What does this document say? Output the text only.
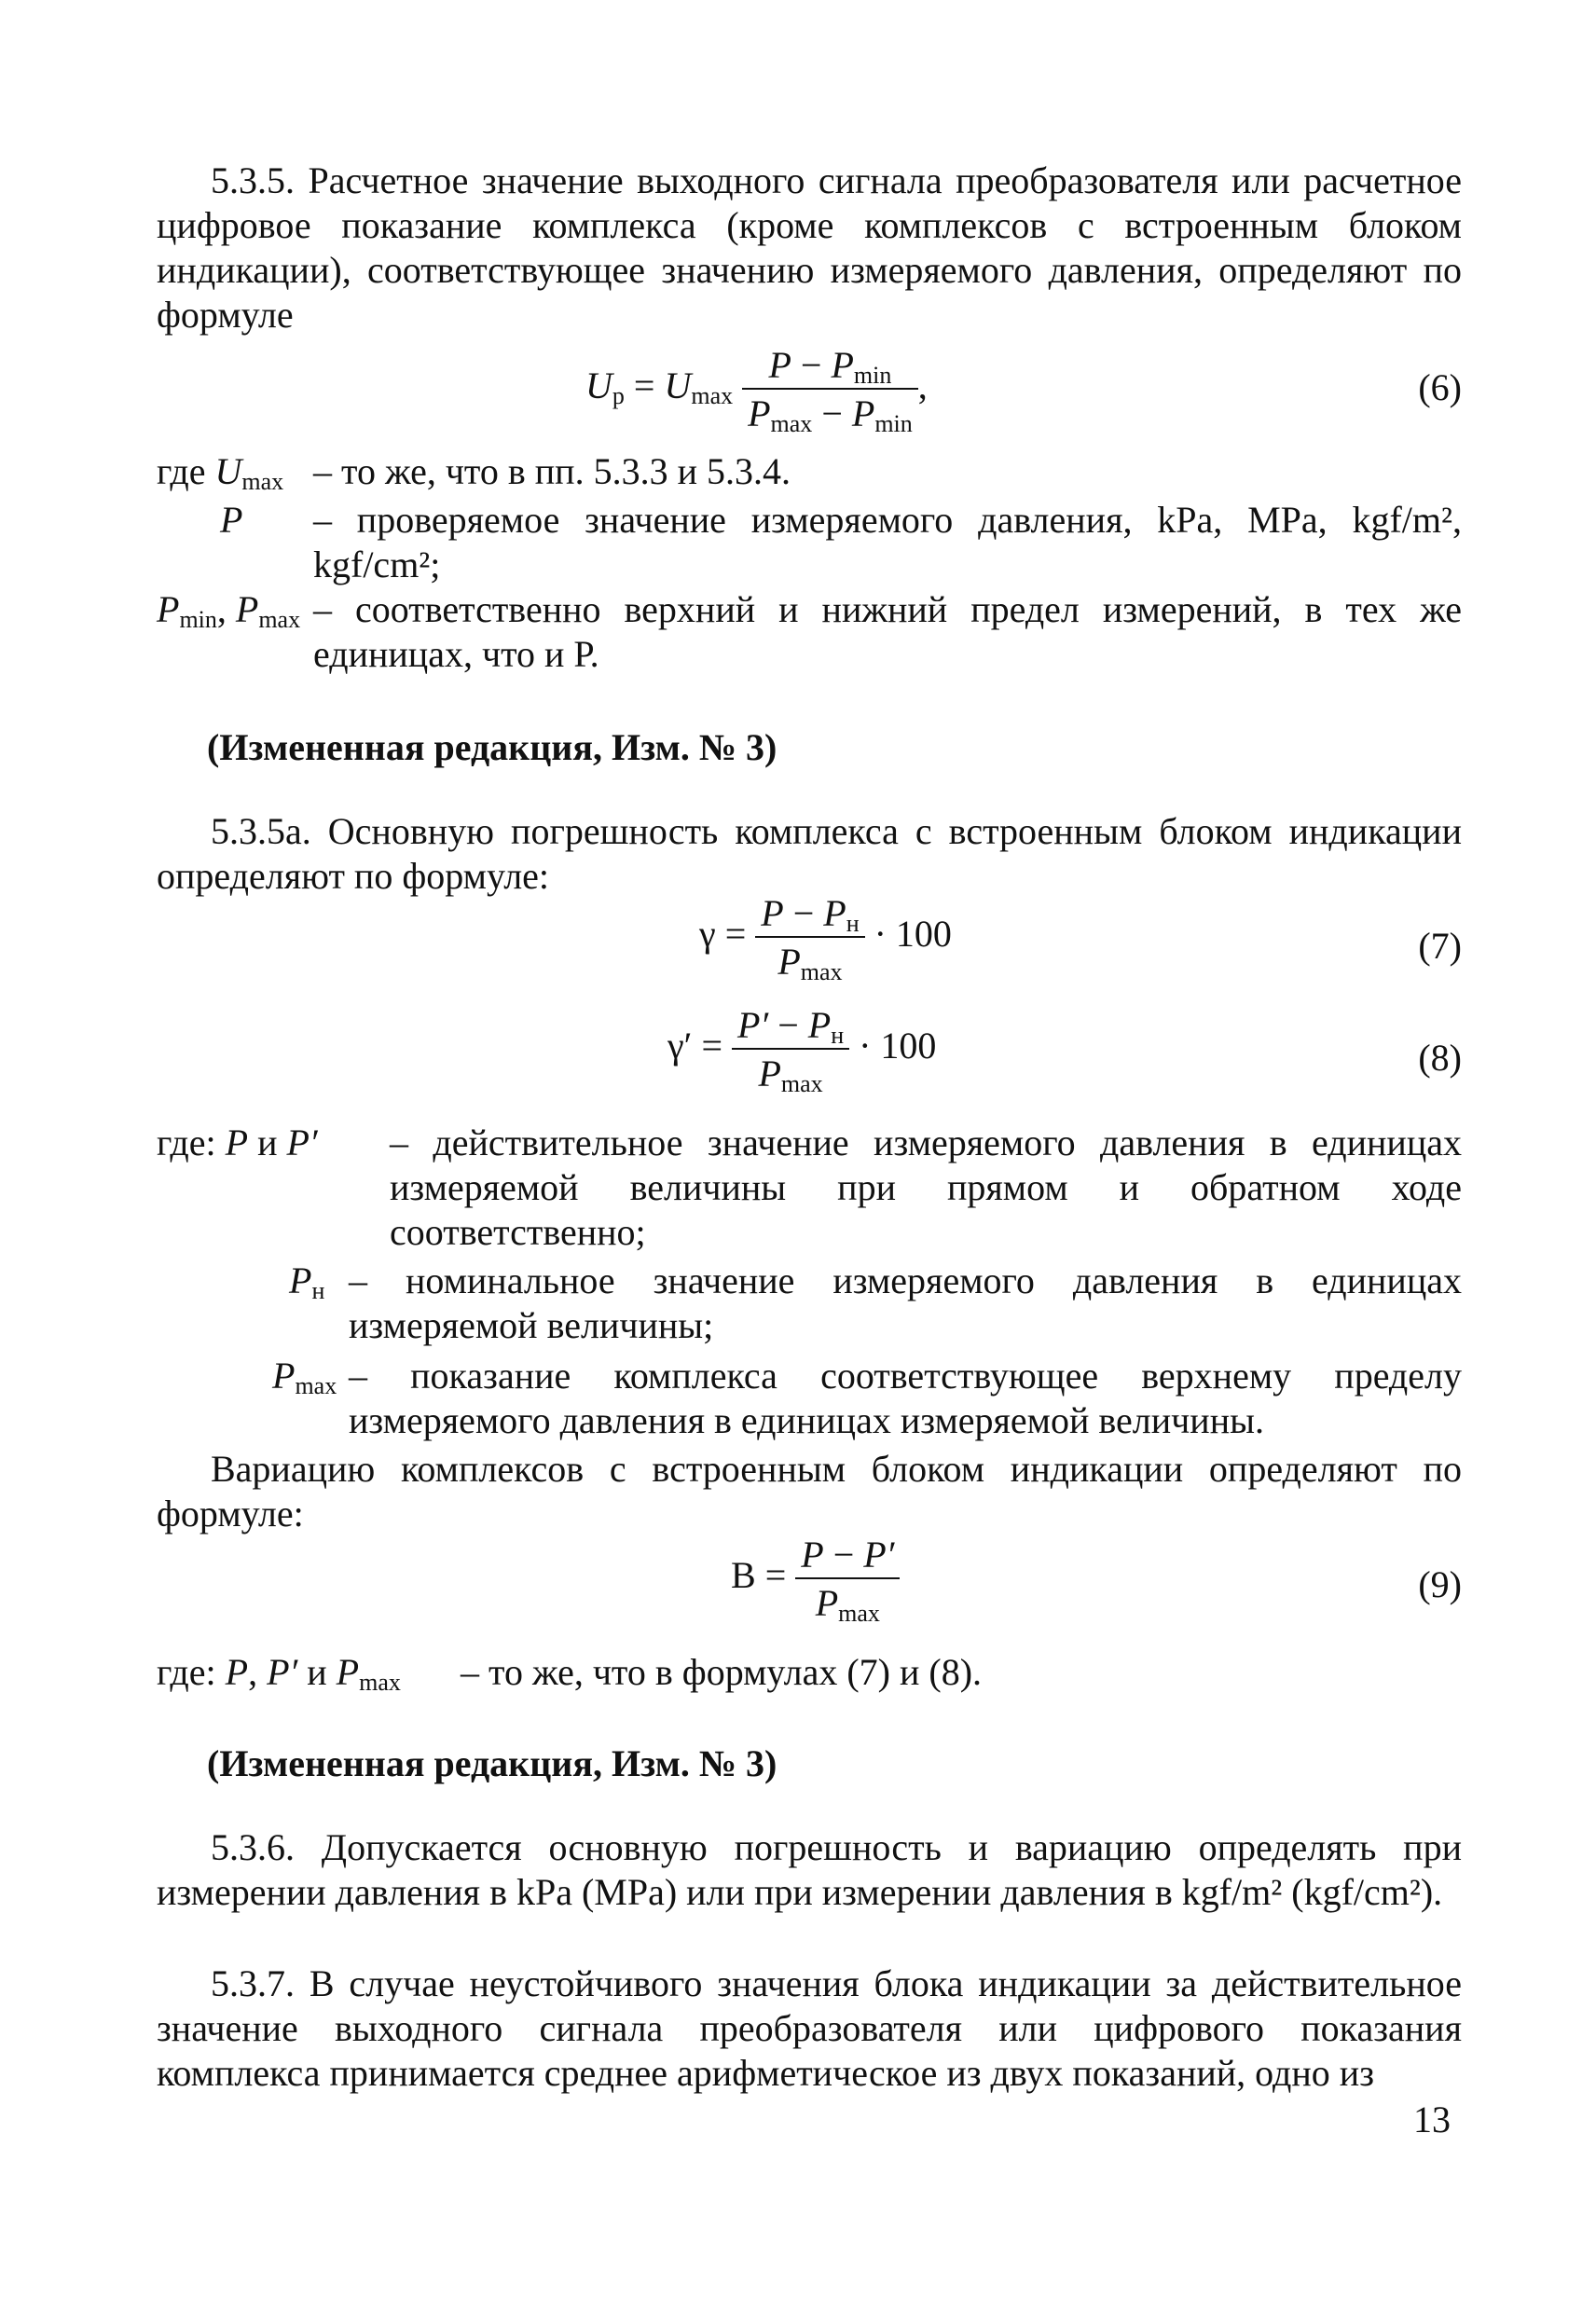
5.3.5. Расчетное значение выходного сигнала преобразователя или расчетное цифровое показание комплекса (кроме комплексов с встроенным блоком индикации), соответствующее значению измеряемого давления, определяют по формуле
$U_р = U_{max} \frac{P - P_{min}}{P_{max} - P_{min}}$ ,	(6)
где $U_{max}$ – то же, что в пп. 5.3.3 и 5.3.4.
P – проверяемое значение измеряемого давления, kPa, MPa, kgf/m², kgf/cm²;
$P_{min}$, $P_{max}$ – соответственно верхний и нижний предел измерений, в тех же единицах, что и Р.
(Измененная редакция, Изм. № 3)
5.3.5а. Основную погрешность комплекса с встроенным блоком индикации определяют по формуле:
$\gamma = \frac{P - P_н}{P_{max}} \cdot 100$	(7)
$\gamma' = \frac{P' - P_н}{P_{max}} \cdot 100$	(8)
где: P и P′ – действительное значение измеряемого давления в единицах измеряемой величины при прямом и обратном ходе соответственно;
$P_н$ – номинальное значение измеряемого давления в единицах измеряемой величины;
$P_{max}$ – показание комплекса соответствующее верхнему пределу измеряемого давления в единицах измеряемой величины.
Вариацию комплексов с встроенным блоком индикации определяют по формуле:
$В = \frac{P - P'}{P_{max}}$	(9)
где: P, P′ и $P_{max}$ – то же, что в формулах (7) и (8).
(Измененная редакция, Изм. № 3)
5.3.6. Допускается основную погрешность и вариацию определять при измерении давления в kPa (MPa) или при измерении давления в kgf/m² (kgf/cm²).
5.3.7. В случае неустойчивого значения блока индикации за действительное значение выходного сигнала преобразователя или цифрового показания комплекса принимается среднее арифметическое из двух показаний, одно из
13
